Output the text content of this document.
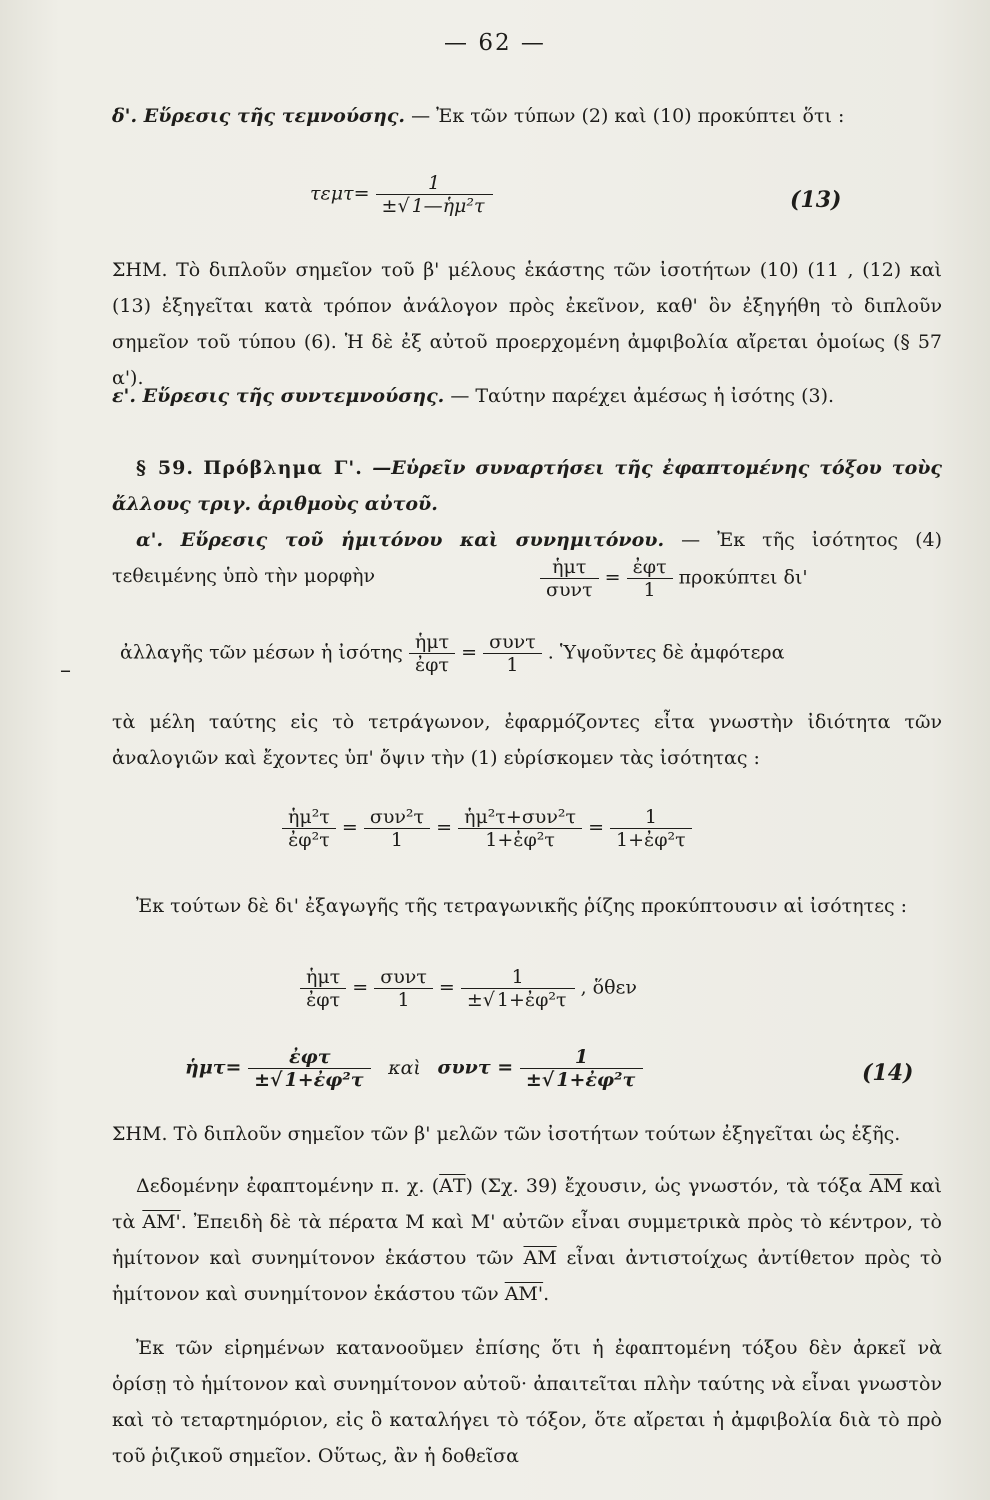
— 62 —
δ'. Εὕρεσις τῆς τεμνούσης. — Ἐκ τῶν τύπων (2) καὶ (10) προκύπτει ὅτι :
$\tau\varepsilon\mu\tau= \frac{1}{\text{±√ 1—ἡμ²τ}}$	(13)
ΣΗΜ. Τὸ διπλοῦν σημεῖον τοῦ β' μέλους ἑκάστης τῶν ἰσοτήτων (10) (11 , (12) καὶ (13) ἐξηγεῖται κατὰ τρόπον ἀνάλογον πρὸς ἐκεῖνον, καθ' ὃν ἐξηγήθη τὸ διπλοῦν σημεῖον τοῦ τύπου (6). Ἡ δὲ ἐξ αὐτοῦ προερχομένη ἀμφιβολία αἴρεται ὁμοίως (§ 57 α').
ε'. Εὕρεσις τῆς συντεμνούσης. — Ταύτην παρέχει ἀμέσως ἡ ἰσότης (3).
§ 59. Πρόβλημα Γ'. —Εὑρεῖν συναρτήσει τῆς ἐφαπτομένης τόξου τοὺς ἄλλους τριγ. ἀριθμοὺς αὐτοῦ.
α'. Εὕρεσις τοῦ ἡμιτόνου καὶ συνημιτόνου. — Ἐκ τῆς ἰσότητος (4) τεθειμένης ὑπὸ τὴν μορφὴν	ἡμτ
συντ
= ἐφτ
1
προκύπτει δι'
ἀλλαγῆς τῶν μέσων ἡ ἰσότης ἡμτ
ἐφτ
= συντ
1
. Ὑψοῦντες δὲ ἀμφότερα
–
τὰ μέλη ταύτης εἰς τὸ τετράγωνον, ἐφαρμόζοντες εἶτα γνωστὴν ἰδιότητα τῶν ἀναλογιῶν καὶ ἔχοντες ὑπ' ὄψιν τὴν (1) εὑρίσκομεν τὰς ἰσότητας :
$\frac{\text{ἡμ²τ}}{\text{ἐφ²τ}} = \sigma\upsilon\nu^2\tau$
1
= ἡμ²τ+συν²τ
1+ἐφ²τ
= $\frac{1}{\text{1+ἐφ²τ}}$
Ἐκ τούτων δὲ δι' ἐξαγωγῆς τῆς τετραγωνικῆς ῥίζης προκύπτουσιν αἱ ἰσότητες :
ἡμτ
ἐφτ
= συντ
1
= $\frac{1}{\text{±√ 1+ἐφ²τ}}$ , ὅθεν
ἡμτ=	ἐφτ
±√ 1+ἐφ²τ
καὶ $\sigma\upsilon\nu\tau = \frac{1}{\text{±√ 1+ἐφ²τ}}$	(14)
ΣΗΜ. Τὸ διπλοῦν σημεῖον τῶν β' μελῶν τῶν ἰσοτήτων τούτων ἐξηγεῖται ὡς ἑξῆς.
Δεδομένην ἐφαπτομένην π. χ. $(\overline{AT})$ (Σχ. 39) ἔχουσιν, ὡς γνωστόν, τὰ τόξα $\overline{AM}$ καὶ τὰ ΑΜ'. Ἐπειδὴ δὲ τὰ πέρατα Μ καὶ Μ' αὐτῶν εἶναι συμμετρικὰ πρὸς τὸ κέντρον, τὸ ἡμίτονον καὶ συνημίτονον ἑκάστου τῶν $\overline{AM}$ εἶναι ἀντιστοίχως ἀντίθετον πρὸς τὸ ἡμίτονον καὶ συνημίτονον ἑκάστου τῶν ΑΜ'.
Ἐκ τῶν εἰρημένων κατανοοῦμεν ἐπίσης ὅτι ἡ ἐφαπτομένη τόξου δὲν ἀρκεῖ νὰ ὁρίσῃ τὸ ἡμίτονον καὶ συνημίτονον αὐτοῦ· ἀπαιτεῖται πλὴν ταύτης νὰ εἶναι γνωστὸν καὶ τὸ τεταρτημόριον, εἰς ὃ καταλήγει τὸ τόξον, ὅτε αἴρεται ἡ ἀμφιβολία διὰ τὸ πρὸ τοῦ ῥιζικοῦ σημεῖον. Οὕτως, ἂν ἡ δοθεῖσα
